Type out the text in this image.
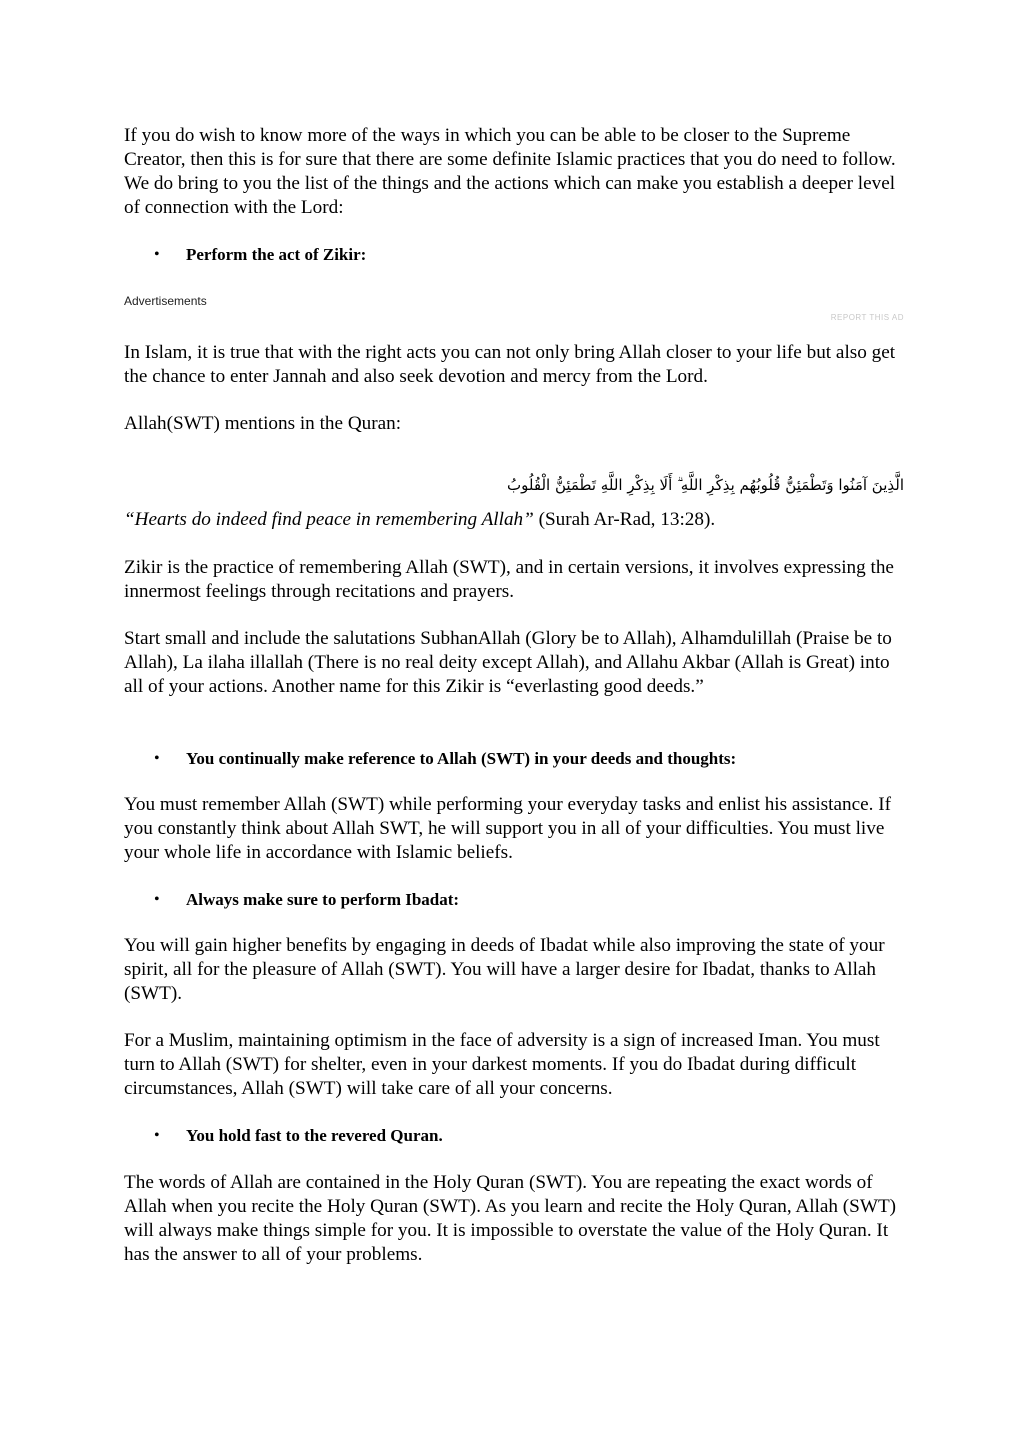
If you do wish to know more of the ways in which you can be able to be closer to the Supreme Creator, then this is for sure that there are some definite Islamic practices that you do need to follow. We do bring to you the list of the things and the actions which can make you establish a deeper level of connection with the Lord:

• Perform the act of Zikir:
Advertisements
REPORT THIS AD

In Islam, it is true that with the right acts you can not only bring Allah closer to your life but also get the chance to enter Jannah and also seek devotion and mercy from the Lord.

Allah(SWT) mentions in the Quran:

الَّذِينَ آمَنُوا وَتَطْمَئِنُّ قُلُوبُهُم بِذِكْرِ اللَّهِ ۗ أَلَا بِذِكْرِ اللَّهِ تَطْمَئِنُّ الْقُلُوبُ

“Hearts do indeed find peace in remembering Allah” (Surah Ar-Rad, 13:28).

Zikir is the practice of remembering Allah (SWT), and in certain versions, it involves expressing the innermost feelings through recitations and prayers.

Start small and include the salutations SubhanAllah (Glory be to Allah), Alhamdulillah (Praise be to Allah), La ilaha illallah (There is no real deity except Allah), and Allahu Akbar (Allah is Great) into all of your actions. Another name for this Zikir is “everlasting good deeds.”

• You continually make reference to Allah (SWT) in your deeds and thoughts:

You must remember Allah (SWT) while performing your everyday tasks and enlist his assistance. If you constantly think about Allah SWT, he will support you in all of your difficulties. You must live your whole life in accordance with Islamic beliefs.

• Always make sure to perform Ibadat:

You will gain higher benefits by engaging in deeds of Ibadat while also improving the state of your spirit, all for the pleasure of Allah (SWT). You will have a larger desire for Ibadat, thanks to Allah (SWT).

For a Muslim, maintaining optimism in the face of adversity is a sign of increased Iman. You must turn to Allah (SWT) for shelter, even in your darkest moments. If you do Ibadat during difficult circumstances, Allah (SWT) will take care of all your concerns.

• You hold fast to the revered Quran.

The words of Allah are contained in the Holy Quran (SWT). You are repeating the exact words of Allah when you recite the Holy Quran (SWT). As you learn and recite the Holy Quran, Allah (SWT) will always make things simple for you. It is impossible to overstate the value of the Holy Quran. It has the answer to all of your problems.
